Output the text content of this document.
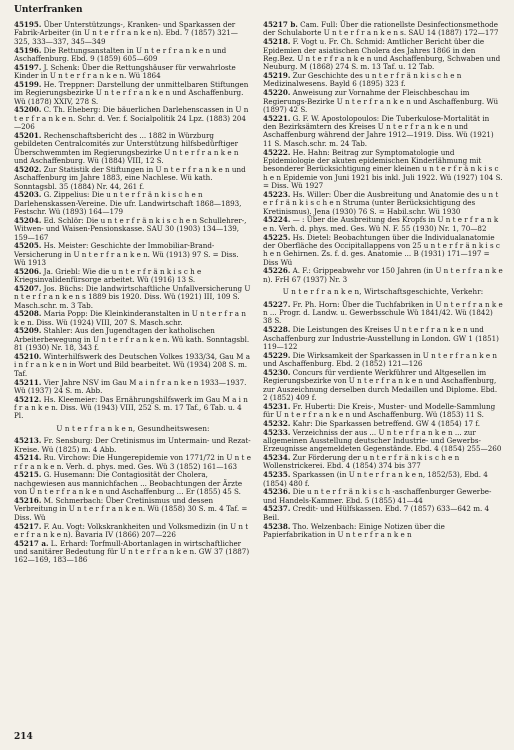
Unterfranken
45195. Über Unterstützungs-, Kranken- und Sparkassen der Fabrik-Arbeiter (in U n t e r f r a n k e n). Ebd. 7 (1857) 321—325, 333—337, 345—349
45196. Die Rettungsanstalten in U n t e r f r a n k e n und Aschaffenburg. Ebd. 9 (1859) 605—609
45197. J. Schenk: Über die Rettungshäuser für verwahrloste Kinder in U n t e r f r a n k e n. Wü 1864
45199. He. Treppner: Darstellung der unmittelbaren Stiftungen im Regierungsbezirke U n t e r f r a n k e n und Aschaffenburg. Wü (1878) XXIV, 278 S.
45200. C. Th. Eheberg: Die bäuerlichen Darlehenscassen in U n t e r f r a n k e n. Schr. d. Ver. f. Socialpolitik 24 Lpz. (1883) 204—206
45201. Rechenschaftsbericht des ... 1882 in Würzburg gebildeten Centralcomités zur Unterstützung hilfsbedürftiger Überschwemmten im Regierungsbezirke U n t e r f r a n k e n und Aschaffenburg. Wü (1884) VIII, 12 S.
45202. Zur Statistik der Stiftungen in U n t e r f r a n k e n und Aschaffenburg im Jahre 1883, eine Nachlese. Wü kath. Sonntagsbl. 35 (1884) Nr. 44, 261 f.
45203. G. Zippelius: Die u n t e r f r ä n k i s c h e n Darlehenskassen-Vereine. Die ufr. Landwirtschaft 1868—1893, Festschr. Wü (1893) 164—179
45204. Ed. Schlör: Die u n t e r f r ä n k i s c h e n Schullehrer-, Witwen- und Waisen-Pensionskasse. SAU 30 (1903) 134—139, 159—167
45205. Hs. Meister: Geschichte der Immobiliar-Brand-Versicherung in U n t e r f r a n k e n. Wü (1913) 97 S. = Diss. Wü 1913
45206. Ja. Griebl: Wie die u n t e r f r ä n k i s c h e Kriegsinvalidenfürsorge arbeitet. Wü (1916) 13 S.
45207. Jos. Büchs: Die landwirtschaftliche Unfallversicherung U n t e r f r a n k e n s 1889 bis 1920. Diss. Wü (1921) III, 109 S. Masch.schr. m. 3 Tab.
45208. Maria Popp: Die Kleinkinderanstalten in U n t e r f r a n k e n. Diss. Wü (1924) VIII, 207 S. Masch.schr.
45209. Stahler: Aus den Jugendtagen der katholischen Arbeiterbewegung in U n t e r f r a n k e n. Wü kath. Sonntagsbl. 81 (1930) Nr. 18, 343 f.
45210. Winterhilfswerk des Deutschen Volkes 1933/34, Gau M a i n f r a n k e n in Wort und Bild bearbeitet. Wü (1934) 208 S. m. Taf.
45211. Vier Jahre NSV im Gau M a i n f r a n k e n 1933—1937. Wü (1937) 24 S. m. Abb.
45212. Hs. Kleemeier: Das Ernährungshilfswerk im Gau M a i n f r a n k e n. Diss. Wü (1943) VIII, 252 S. m. 17 Taf., 6 Tab. u. 4 Pl.
U n t e r f r a n k e n, Gesundheitswesen:
45213. Fr. Sensburg: Der Cretinismus im Untermain- und Rezat-Kreise. Wü (1825) m. 4 Abb.
45214. Ru. Virchow: Die Hungerepidemie von 1771/72 in U n t e r f r a n k e n. Verh. d. phys. med. Ges. Wü 3 (1852) 161—163
45215. G. Husemann: Die Contagiosität der Cholera, nachgewiesen aus mannichfachen ... Beobachtungen der Ärzte von U n t e r f r a n k e n und Aschaffenburg ... Er (1855) 45 S.
45216. M. Schmerbach: Über Cretinismus und dessen Verbreitung in U n t e r f r a n k e n. Wü (1858) 30 S. m. 4 Taf. = Diss. Wü
45217. F. Au. Vogt: Volkskrankheiten und Volksmedizin (in U n t e r f r a n k e n). Bavaria IV (1866) 207—226
45217 a. L. Erhard: Torfmull-Abortanlagen in wirtschaftlicher und sanitärer Bedeutung für U n t e r f r a n k e n. GW 37 (1887) 162—169, 183—186
45217 b. Cam. Full: Über die rationellste Desinfectionsmethode der Schulaborte U n t e r f r a n k e n s. SAU 14 (1887) 172—177
45218. F. Vogt u. Fr. Ch. Schmid: Amtlicher Bericht über die Epidemien der asiatischen Cholera des Jahres 1866 in den Reg.Bez. U n t e r f r a n k e n und Aschaffenburg, Schwaben und Neuburg. M (1868) 274 S. m. 13 Taf. u. 12 Tab.
45219. Zur Geschichte des u n t e r f r ä n k i s c h e n Medizinalwesens. Bayld 6 (1895) 323 f.
45220. Anweisung zur Vornahme der Fleischbeschau im Regierungs-Bezirke U n t e r f r a n k e n und Aschaffenburg. Wü (1897) 42 S.
45221. G. F. W. Apostolopoulos: Die Tuberkulose-Mortalität in den Bezirksämtern des Kreises U n t e r f r a n k e n und Aschaffenburg während der Jahre 1912—1919. Diss. Wü (1921) 11 S. Masch.schr. m. 24 Tab.
45222. He. Hahn: Beitrag zur Symptomatologie und Epidemiologie der akuten epidemischen Kinderlähmung mit besonderer Berücksichtigung einer kleinen u n t e r f r ä n k i s c h e n Epidemie von Juni 1921 bis inkl. Juli 1922. Wü (1927) 104 S. = Diss. Wü 1927
45223. Hs. Willer: Über die Ausbreitung und Anatomie des u n t e r f r ä n k i s c h e n Struma (unter Berücksichtigung des Kretinismus). Jena (1930) 76 S. = Habil.schr. Wü 1930
45224. — : Über die Ausbreitung des Kropfs in U n t e r f r a n k e n. Verh. d. phys. med. Ges. Wü N. F. 55 (1930) Nr. 1, 70—82
45225. Hs. Dietel: Beobachtungen über die Individualanatomie der Oberfläche des Occipitallappens von 25 u n t e r f r ä n k i s c h e n Gehirnen. Zs. f. d. ges. Anatomie ... B (1931) 171—197 = Diss Wü
45226. A. F.: Grippeabwehr vor 150 Jahren (in U n t e r f r a n k e n). FrH 67 (1937) Nr. 3
U n t e r f r a n k e n, Wirtschaftsgeschichte, Verkehr:
45227. Fr. Ph. Horn: Über die Tuchfabriken in U n t e r f r a n k e n ... Progr. d. Landw. u. Gewerbsschule Wü 1841/42. Wü (1842) 38 S.
45228. Die Leistungen des Kreises U n t e r f r a n k e n und Aschaffenburg zur Industrie-Ausstellung in London. GW 1 (1851) 119—122
45229. Die Wirksamkeit der Sparkassen in U n t e r f r a n k e n und Aschaffenburg. Ebd. 2 (1852) 121—126
45230. Concurs für verdiente Werkführer und Altgesellen im Regierungsbezirke von U n t e r f r a n k e n und Aschaffenburg, zur Auszeichnung derselben durch Medaillen und Diplome. Ebd. 2 (1852) 409 f.
45231. Fr. Huberti: Die Kreis-, Muster- und Modelle-Sammlung für U n t e r f r a n k e n und Aschaffenburg. Wü (1853) 11 S.
45232. Kahr: Die Sparkassen betreffend. GW 4 (1854) 17 f.
45233. Verzeichniss der aus ... U n t e r f r a n k e n ... zur allgemeinen Ausstellung deutscher Industrie- und Gewerbs-Erzeugnisse angemeldeten Gegenstände. Ebd. 4 (1854) 255—260
45234. Zur Förderung der u n t e r f r ä n k i s c h e n Wollenstrickerei. Ebd. 4 (1854) 374 bis 377
45235. Sparkassen (in U n t e r f r a n k e n, 1852/53), Ebd. 4 (1854) 480 f.
45236. Die u n t e r f r ä n k i s c h -aschaffenburger Gewerbe- und Handels-Kammer. Ebd. 5 (1855) 41—44
45237. Credit- und Hülfskassen. Ebd. 7 (1857) 633—642 m. 4 Beil.
45238. Tho. Welzenbach: Einige Notizen über die Papierfabrikation in U n t e r f r a n k e n
214
